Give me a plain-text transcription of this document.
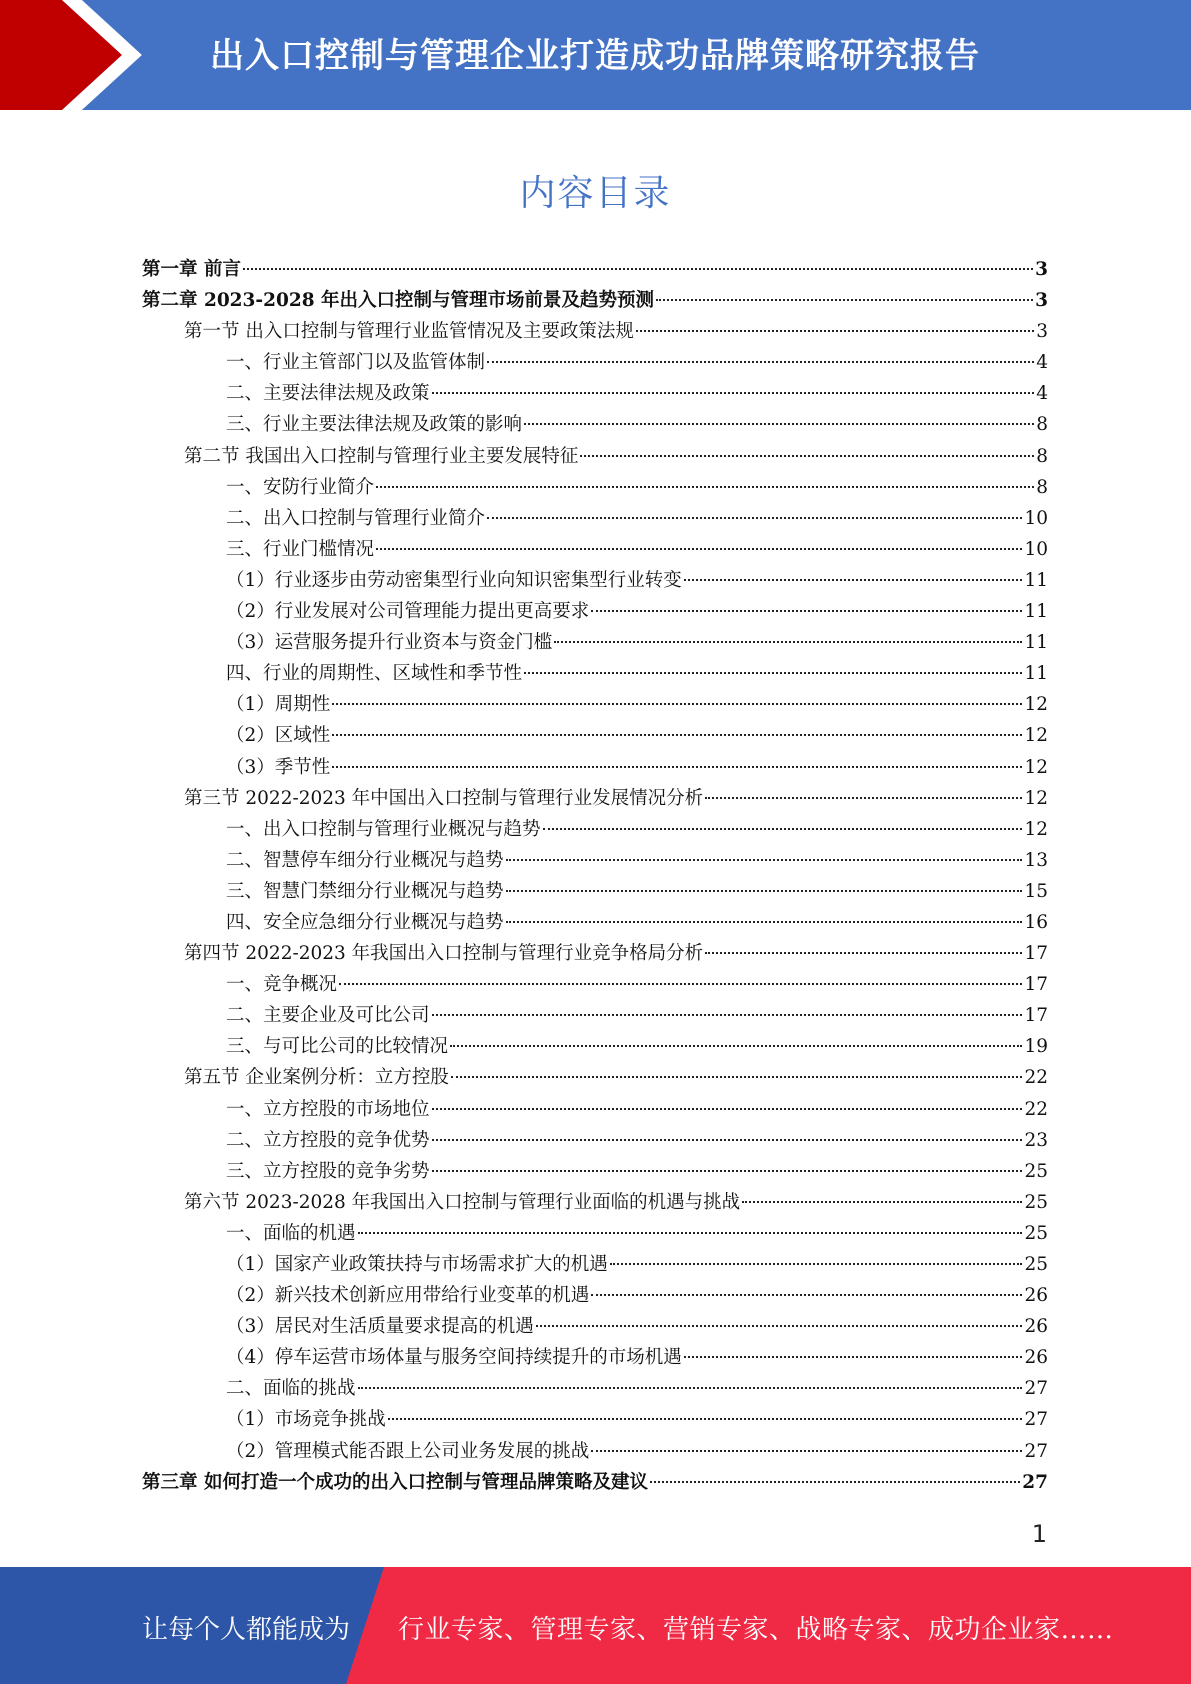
出入口控制与管理企业打造成功品牌策略研究报告
内容目录
第一章 前言	3
第二章 2023-2028 年出入口控制与管理市场前景及趋势预测	3
第一节 出入口控制与管理行业监管情况及主要政策法规	3
一、行业主管部门以及监管体制	4
二、主要法律法规及政策	4
三、行业主要法律法规及政策的影响	8
第二节 我国出入口控制与管理行业主要发展特征	8
一、安防行业简介	8
二、出入口控制与管理行业简介	10
三、行业门槛情况	10
（1）行业逐步由劳动密集型行业向知识密集型行业转变	11
（2）行业发展对公司管理能力提出更高要求	11
（3）运营服务提升行业资本与资金门槛	11
四、行业的周期性、区域性和季节性	11
（1）周期性	12
（2）区域性	12
（3）季节性	12
第三节 2022-2023 年中国出入口控制与管理行业发展情况分析	12
一、出入口控制与管理行业概况与趋势	12
二、智慧停车细分行业概况与趋势	13
三、智慧门禁细分行业概况与趋势	15
四、安全应急细分行业概况与趋势	16
第四节 2022-2023 年我国出入口控制与管理行业竞争格局分析	17
一、竞争概况	17
二、主要企业及可比公司	17
三、与可比公司的比较情况	19
第五节 企业案例分析：立方控股	22
一、立方控股的市场地位	22
二、立方控股的竞争优势	23
三、立方控股的竞争劣势	25
第六节 2023-2028 年我国出入口控制与管理行业面临的机遇与挑战	25
一、面临的机遇	25
（1）国家产业政策扶持与市场需求扩大的机遇	25
（2）新兴技术创新应用带给行业变革的机遇	26
（3）居民对生活质量要求提高的机遇	26
（4）停车运营市场体量与服务空间持续提升的市场机遇	26
二、面临的挑战	27
（1）市场竞争挑战	27
（2）管理模式能否跟上公司业务发展的挑战	27
第三章 如何打造一个成功的出入口控制与管理品牌策略及建议	27
1
让每个人都能成为 行业专家、管理专家、营销专家、战略专家、成功企业家……
